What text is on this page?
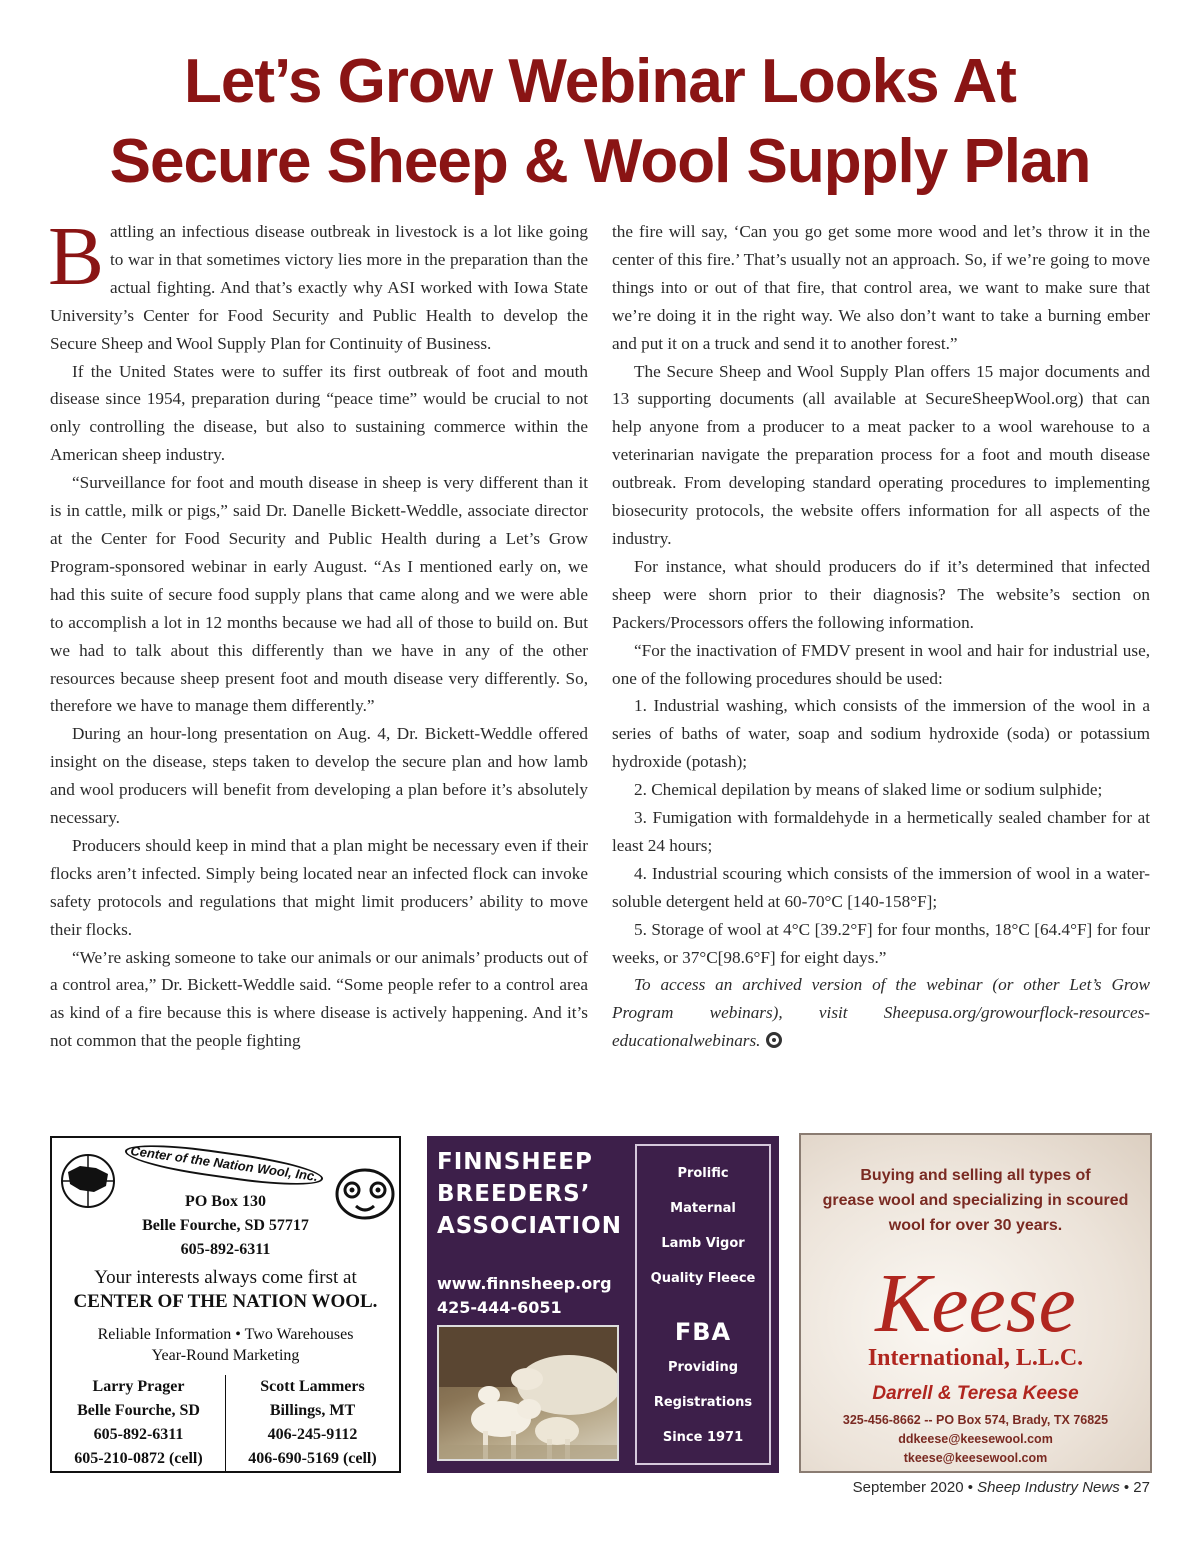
Let’s Grow Webinar Looks At
Secure Sheep & Wool Supply Plan

Battling an infectious disease outbreak in livestock is a lot like going to war in that sometimes victory lies more in the preparation than the actual fighting. And that’s exactly why ASI worked with Iowa State University’s Center for Food Security and Public Health to develop the Secure Sheep and Wool Supply Plan for Continuity of Business.

If the United States were to suffer its first outbreak of foot and mouth disease since 1954, preparation during “peace time” would be crucial to not only controlling the disease, but also to sustaining commerce within the American sheep industry.

“Surveillance for foot and mouth disease in sheep is very different than it is in cattle, milk or pigs,” said Dr. Danelle Bickett-Weddle, associate director at the Center for Food Security and Public Health during a Let’s Grow Program-sponsored webinar in early August. “As I mentioned early on, we had this suite of secure food supply plans that came along and we were able to accomplish a lot in 12 months because we had all of those to build on. But we had to talk about this differently than we have in any of the other resources because sheep present foot and mouth disease very differently. So, therefore we have to manage them differently.”

During an hour-long presentation on Aug. 4, Dr. Bickett-Weddle offered insight on the disease, steps taken to develop the secure plan and how lamb and wool producers will benefit from developing a plan before it’s absolutely necessary.

Producers should keep in mind that a plan might be necessary even if their flocks aren’t infected. Simply being located near an infected flock can invoke safety protocols and regulations that might limit producers’ ability to move their flocks.

“We’re asking someone to take our animals or our animals’ products out of a control area,” Dr. Bickett-Weddle said. “Some people refer to a control area as kind of a fire because this is where disease is actively happening. And it’s not common that the people fighting

the fire will say, ‘Can you go get some more wood and let’s throw it in the center of this fire.’ That’s usually not an approach. So, if we’re going to move things into or out of that fire, that control area, we want to make sure that we’re doing it in the right way. We also don’t want to take a burning ember and put it on a truck and send it to another forest.”

The Secure Sheep and Wool Supply Plan offers 15 major documents and 13 supporting documents (all available at SecureSheepWool.org) that can help anyone from a producer to a meat packer to a wool warehouse to a veterinarian navigate the preparation process for a foot and mouth disease outbreak. From developing standard operating procedures to implementing biosecurity protocols, the website offers information for all aspects of the industry.

For instance, what should producers do if it’s determined that infected sheep were shorn prior to their diagnosis? The website’s section on Packers/Processors offers the following information.

“For the inactivation of FMDV present in wool and hair for industrial use, one of the following procedures should be used:

1. Industrial washing, which consists of the immersion of the wool in a series of baths of water, soap and sodium hydroxide (soda) or potassium hydroxide (potash);

2. Chemical depilation by means of slaked lime or sodium sulphide;

3. Fumigation with formaldehyde in a hermetically sealed chamber for at least 24 hours;

4. Industrial scouring which consists of the immersion of wool in a water-soluble detergent held at 60-70°C [140-158°F];

5. Storage of wool at 4°C [39.2°F] for four months, 18°C [64.4°F] for four weeks, or 37°C[98.6°F] for eight days.”

To access an archived version of the webinar (or other Let’s Grow Program webinars), visit Sheepusa.org/growourflock-resources-educationalwebinars.

Center of the Nation Wool, Inc.
PO Box 130
Belle Fourche, SD 57717
605-892-6311
Your interests always come first at
CENTER OF THE NATION WOOL.
Reliable Information • Two Warehouses
Year-Round Marketing
Larry Prager
Belle Fourche, SD
605-892-6311
605-210-0872 (cell)
Scott Lammers
Billings, MT
406-245-9112
406-690-5169 (cell)
FINNSHEEP
BREEDERS’
ASSOCIATION
www.finnsheep.org
425-444-6051
Prolific
Maternal
Lamb Vigor
Quality Fleece
FBA
Providing
Registrations
Since 1971
Buying and selling all types of
grease wool and specializing in scoured
wool for over 30 years.
Keese
International, L.L.C.
Darrell & Teresa Keese
325-456-8662 -- PO Box 574, Brady, TX 76825
ddkeese@keesewool.com
tkeese@keesewool.com
September 2020 • Sheep Industry News • 27
